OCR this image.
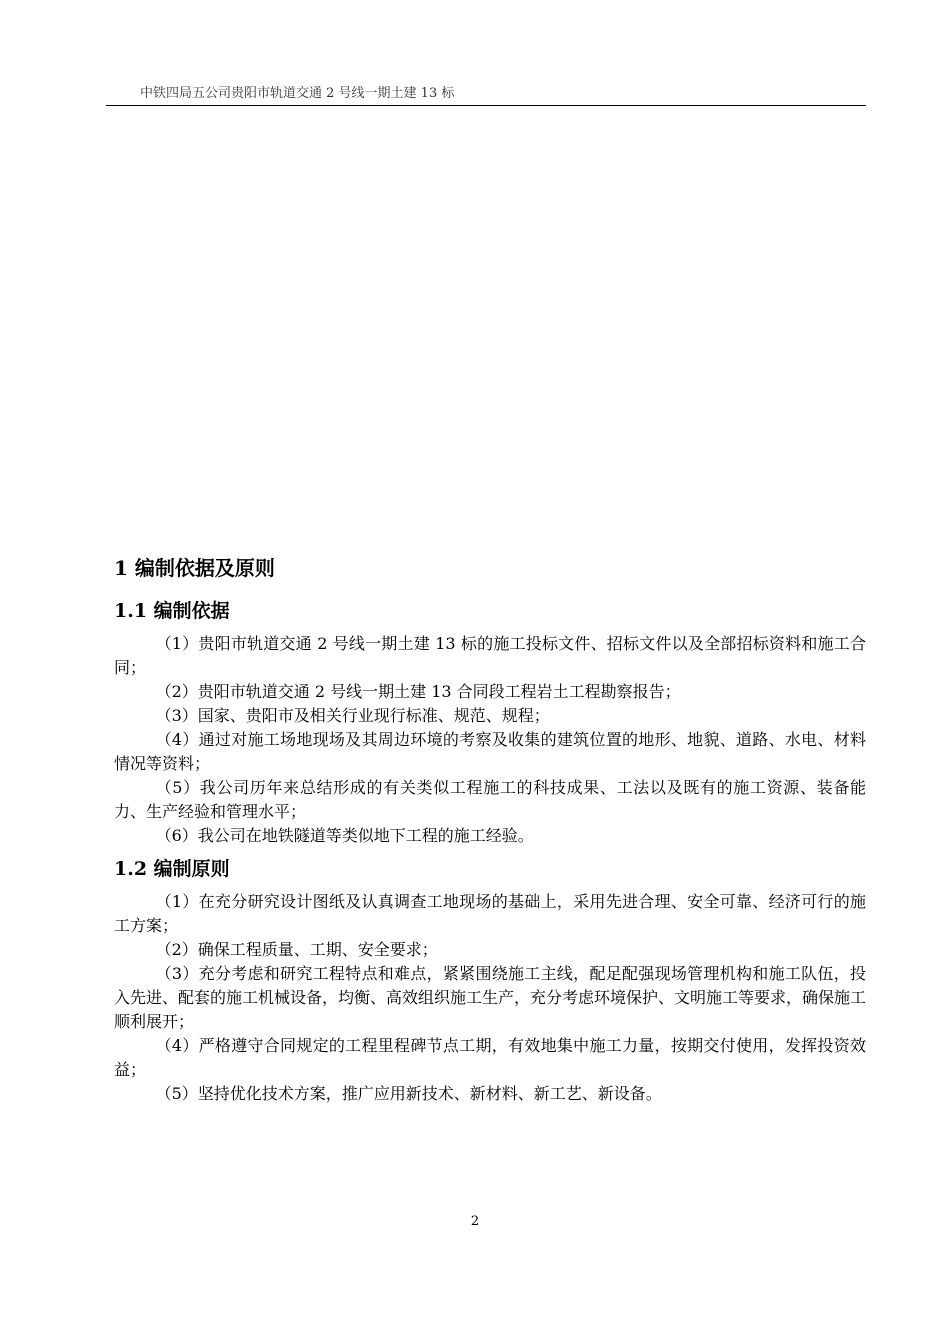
中铁四局五公司贵阳市轨道交通 2 号线一期土建 13 标
1 编制依据及原则
1.1 编制依据

（1）贵阳市轨道交通 2 号线一期土建 13 标的施工投标文件、招标文件以及全部招标资料和施工合同；

（2）贵阳市轨道交通 2 号线一期土建 13 合同段工程岩土工程勘察报告；

（3）国家、贵阳市及相关行业现行标准、规范、规程；

（4）通过对施工场地现场及其周边环境的考察及收集的建筑位置的地形、地貌、道路、水电、材料情况等资料；

（5）我公司历年来总结形成的有关类似工程施工的科技成果、工法以及既有的施工资源、装备能力、生产经验和管理水平；

（6）我公司在地铁隧道等类似地下工程的施工经验。

1.2 编制原则

（1）在充分研究设计图纸及认真调查工地现场的基础上，采用先进合理、安全可靠、经济可行的施工方案；

（2）确保工程质量、工期、安全要求；

（3）充分考虑和研究工程特点和难点，紧紧围绕施工主线，配足配强现场管理机构和施工队伍，投入先进、配套的施工机械设备，均衡、高效组织施工生产，充分考虑环境保护、文明施工等要求，确保施工顺利展开；

（4）严格遵守合同规定的工程里程碑节点工期，有效地集中施工力量，按期交付使用，发挥投资效益；

（5）坚持优化技术方案，推广应用新技术、新材料、新工艺、新设备。

2
